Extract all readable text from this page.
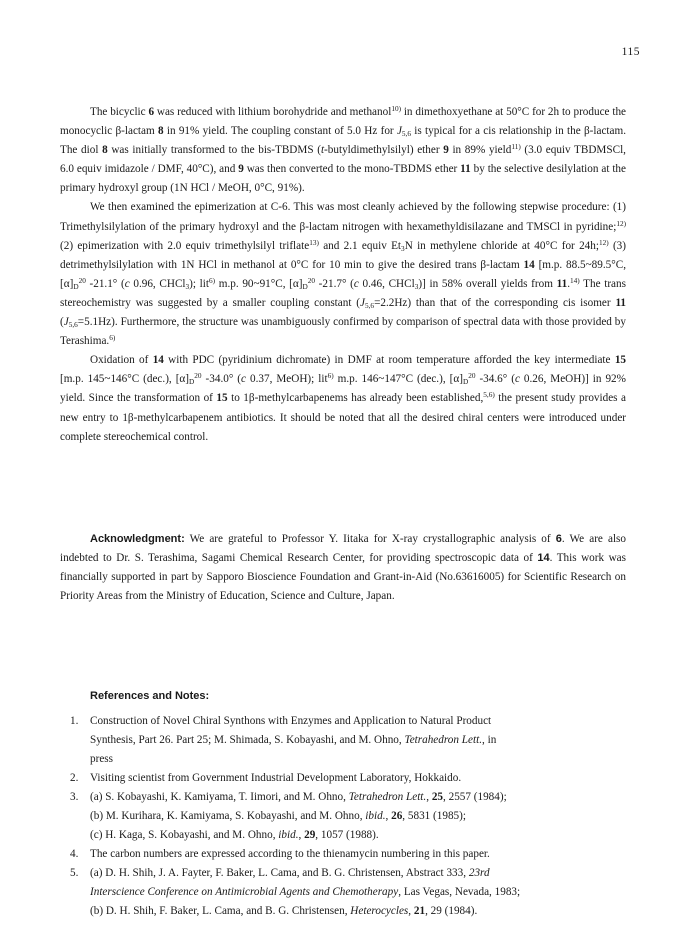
115

The bicyclic 6 was reduced with lithium borohydride and methanol$^{10)}$ in dimethoxyethane at 50°C for 2h to produce the monocyclic β-lactam 8 in 91% yield. The coupling constant of 5.0 Hz for $J_{5,6}$ is typical for a cis relationship in the β-lactam. The diol 8 was initially transformed to the bis-TBDMS (t-butyldimethylsilyl) ether 9 in 89% yield$^{11)}$ (3.0 equiv TBDMSCl, 6.0 equiv imidazole / DMF, 40°C), and 9 was then converted to the mono-TBDMS ether 11 by the selective desilylation at the primary hydroxyl group (1N HCl / MeOH, 0°C, 91%).

We then examined the epimerization at C-6. This was most cleanly achieved by the following stepwise procedure: (1) Trimethylsilylation of the primary hydroxyl and the β-lactam nitrogen with hexamethyldisilazane and TMSCl in pyridine;$^{12)}$ (2) epimerization with 2.0 equiv trimethylsilyl triflate$^{13)}$ and 2.1 equiv $Et_3N$ in methylene chloride at 40°C for 24h;$^{12)}$ (3) detrimethylsilylation with 1N HCl in methanol at 0°C for 10 min to give the desired trans β-lactam 14 [m.p. 88.5~89.5°C, $[\alpha]_D^{20}$ -21.1° (c 0.96, CHCl$_3$); lit$^{6)}$ m.p. 90~91°C, $[\alpha]_D^{20}$ -21.7° (c 0.46, CHCl$_3$)] in 58% overall yields from 11.$^{14)}$ The trans stereochemistry was suggested by a smaller coupling constant $(J_{5,6}=2.2Hz)$ than that of the corresponding cis isomer 11 $(J_{5,6}=5.1Hz)$. Furthermore, the structure was unambiguously confirmed by comparison of spectral data with those provided by Terashima.$^{6)}$

Oxidation of 14 with PDC (pyridinium dichromate) in DMF at room temperature afforded the key intermediate 15 [m.p. 145~146°C (dec.), $[\alpha]_D^{20}$ -34.0° (c 0.37, MeOH); lit$^{6)}$ m.p. 146~147°C (dec.), $[\alpha]_D^{20}$ -34.6° (c 0.26, MeOH)] in 92% yield. Since the transformation of 15 to 1β-methylcarbapenems has already been established,$^{5,6)}$ the present study provides a new entry to 1β-methylcarbapenem antibiotics. It should be noted that all the desired chiral centers were introduced under complete stereochemical control.

Acknowledgment: We are grateful to Professor Y. Iitaka for X-ray crystallographic analysis of 6. We are also indebted to Dr. S. Terashima, Sagami Chemical Research Center, for providing spectroscopic data of 14. This work was financially supported in part by Sapporo Bioscience Foundation and Grant-in-Aid (No.63616005) for Scientific Research on Priority Areas from the Ministry of Education, Science and Culture, Japan.

References and Notes:
1. Construction of Novel Chiral Synthons with Enzymes and Application to Natural Product
Synthesis, Part 26. Part 25; M. Shimada, S. Kobayashi, and M. Ohno, Tetrahedron Lett., in
press
2. Visiting scientist from Government Industrial Development Laboratory, Hokkaido.
3. (a) S. Kobayashi, K. Kamiyama, T. Iimori, and M. Ohno, Tetrahedron Lett., 25, 2557 (1984);
(b) M. Kurihara, K. Kamiyama, S. Kobayashi, and M. Ohno, ibid., 26, 5831 (1985);
(c) H. Kaga, S. Kobayashi, and M. Ohno, ibid., 29, 1057 (1988).
4. The carbon numbers are expressed according to the thienamycin numbering in this paper.
5. (a) D. H. Shih, J. A. Fayter, F. Baker, L. Cama, and B. G. Christensen, Abstract 333, 23rd
Interscience Conference on Antimicrobial Agents and Chemotherapy, Las Vegas, Nevada, 1983;
(b) D. H. Shih, F. Baker, L. Cama, and B. G. Christensen, Heterocycles, 21, 29 (1984).
